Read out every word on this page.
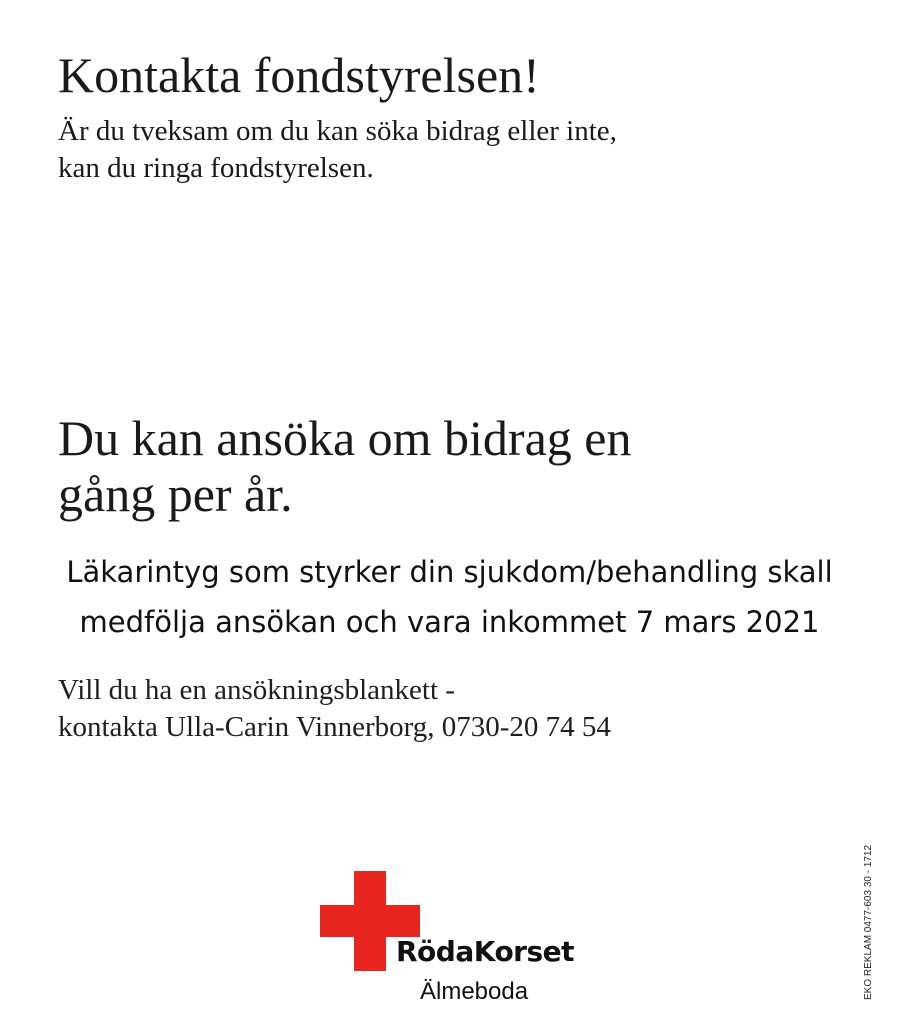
Kontakta fondstyrelsen!
Är du tveksam om du kan söka bidrag eller inte,
kan du ringa fondstyrelsen.
Du kan ansöka om bidrag en
gång per år.
Läkarintyg som styrker din sjukdom/behandling skall
medfölja ansökan och vara inkommet 7 mars 2021
Vill du ha en ansökningsblankett -
kontakta Ulla-Carin Vinnerborg, 0730-20 74 54
RödaKorset
Älmeboda	EKO REKLAM 0477-603 30 - 1712
